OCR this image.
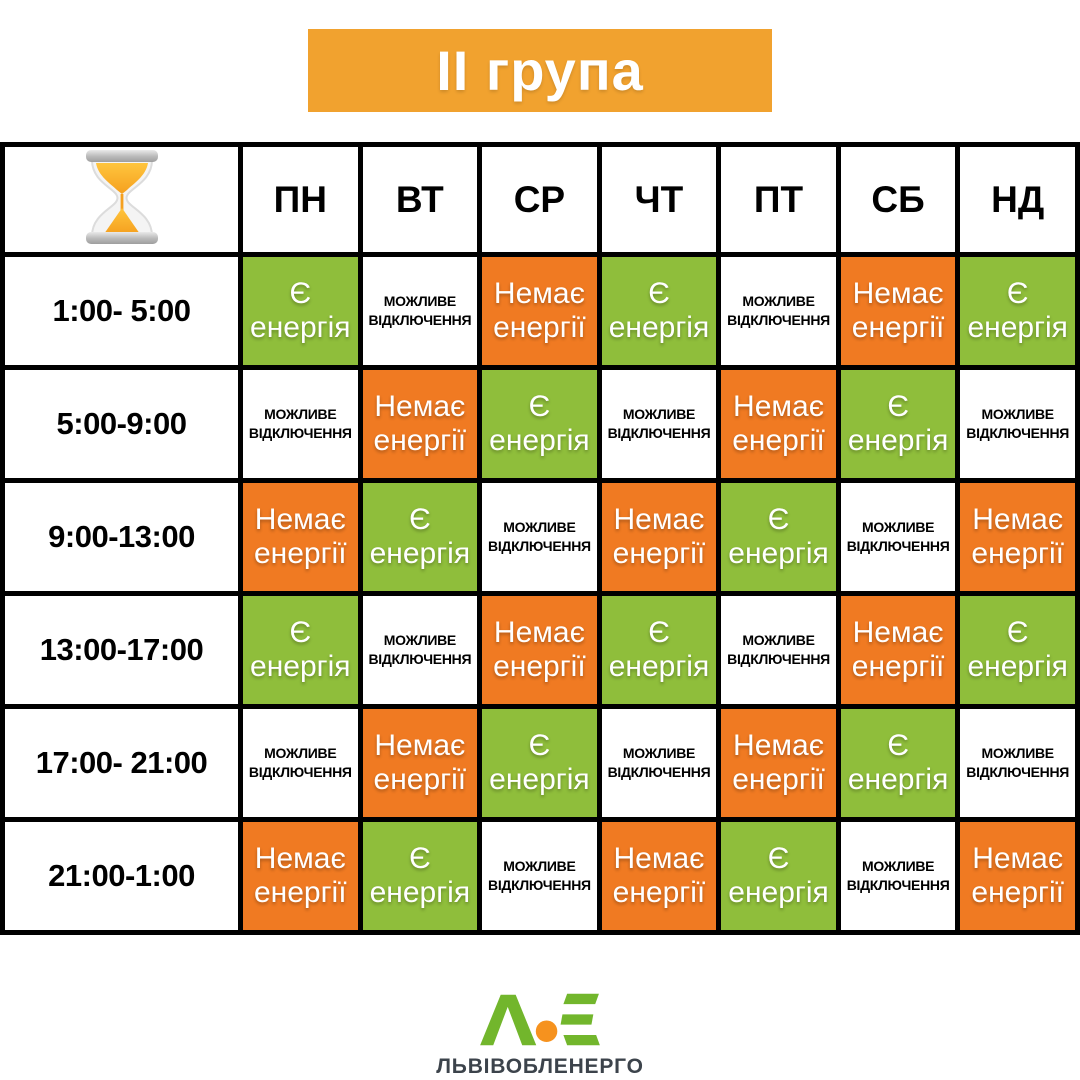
ІІ група
	ПН	ВТ	СР	ЧТ	ПТ	СБ	НД
1:00- 5:00	Є
енергія	МОЖЛИВЕ
ВІДКЛЮЧЕННЯ	Немає
енергії	Є
енергія	МОЖЛИВЕ
ВІДКЛЮЧЕННЯ	Немає
енергії	Є
енергія

5:00-9:00	МОЖЛИВЕ
ВІДКЛЮЧЕННЯ	Немає
енергії	Є
енергія	МОЖЛИВЕ
ВІДКЛЮЧЕННЯ	Немає
енергії	Є
енергія	МОЖЛИВЕ
ВІДКЛЮЧЕННЯ

9:00-13:00	Немає
енергії	Є
енергія	МОЖЛИВЕ
ВІДКЛЮЧЕННЯ	Немає
енергії	Є
енергія	МОЖЛИВЕ
ВІДКЛЮЧЕННЯ	Немає
енергії

13:00-17:00	Є
енергія	МОЖЛИВЕ
ВІДКЛЮЧЕННЯ	Немає
енергії	Є
енергія	МОЖЛИВЕ
ВІДКЛЮЧЕННЯ	Немає
енергії	Є
енергія

17:00- 21:00	МОЖЛИВЕ
ВІДКЛЮЧЕННЯ	Немає
енергії	Є
енергія	МОЖЛИВЕ
ВІДКЛЮЧЕННЯ	Немає
енергії	Є
енергія	МОЖЛИВЕ
ВІДКЛЮЧЕННЯ

21:00-1:00	Немає
енергії	Є
енергія	МОЖЛИВЕ
ВІДКЛЮЧЕННЯ	Немає
енергії	Є
енергія	МОЖЛИВЕ
ВІДКЛЮЧЕННЯ	Немає
енергії
ЛЬВІВОБЛЕНЕРГО
